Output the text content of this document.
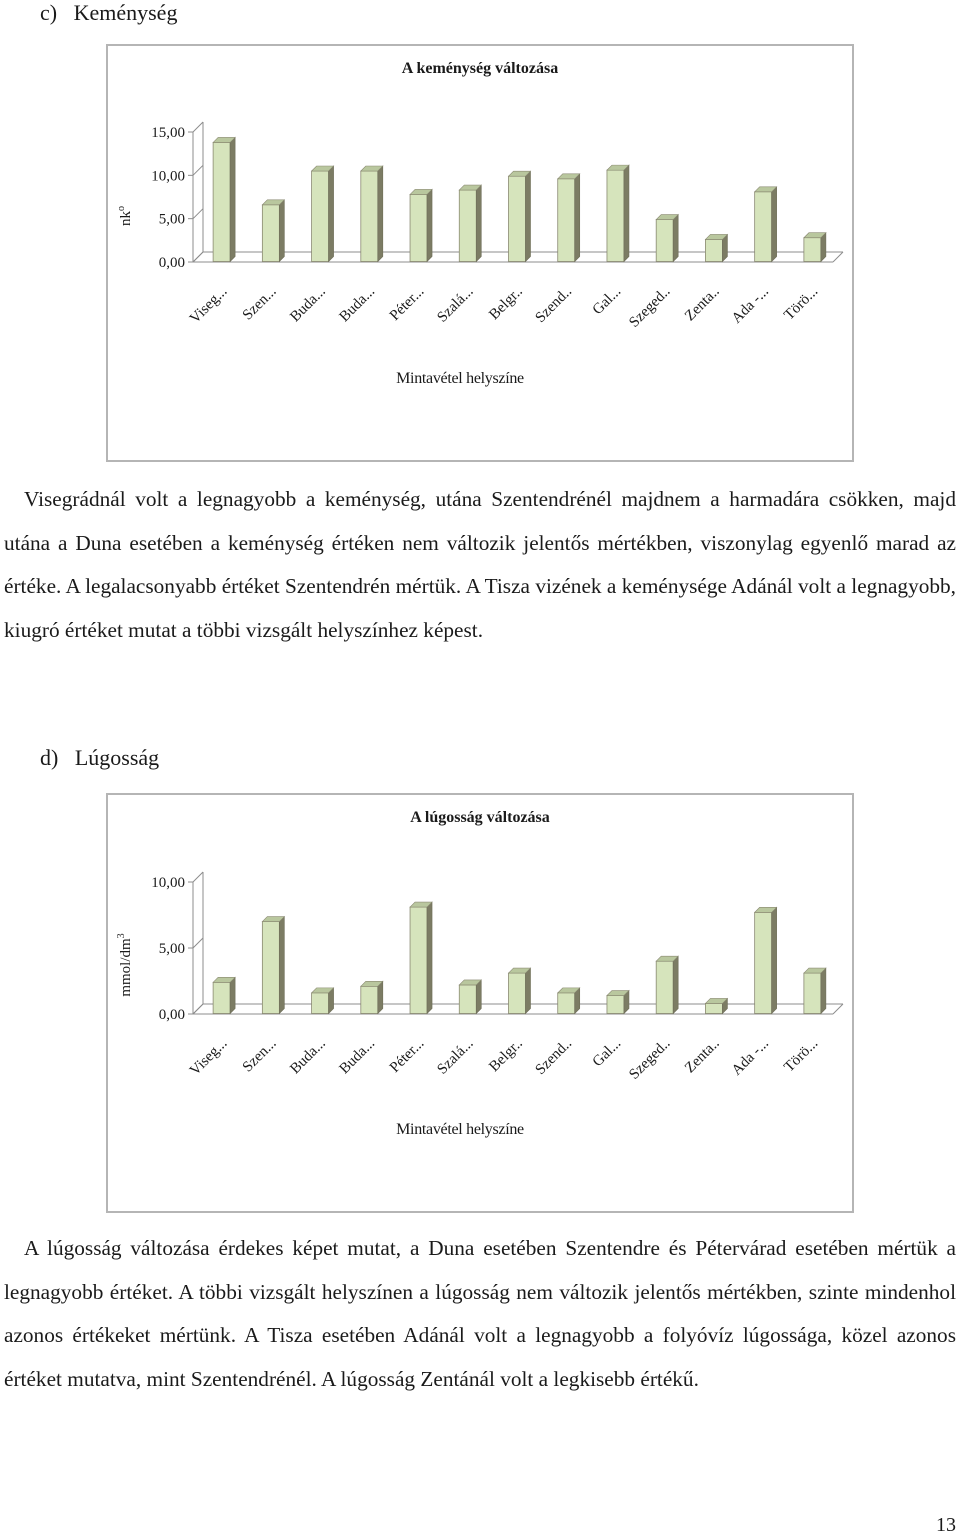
c)   Keménység
A keménység változása
0,00
5,00
10,00
15,00
$nk^o$
Viseg... Szen... Buda... Buda... Péter... Szalá... Belgr.. Szend.. Gal... Szeged.. Zenta.. Ada -... Törö...
Mintavétel helyszíne

Visegrádnál volt a legnagyobb a keménység, utána Szentendrénél majdnem a harmadára csökken, majd utána a Duna esetében a keménység értéken nem változik jelentős mértékben, viszonylag egyenlő marad az értéke. A legalacsonyabb értéket Szentendrén mértük. A Tisza vizének a keménysége Adánál volt a legnagyobb, kiugró értéket mutat a többi vizsgált helyszínhez képest.

d)   Lúgosság
A lúgosság változása
0,00
5,00
10,00
mmol/$dm^3$
Viseg... Szen... Buda... Buda... Péter... Szalá... Belgr.. Szend.. Gal... Szeged.. Zenta.. Ada -... Törö...
Mintavétel helyszíne

A lúgosság változása érdekes képet mutat, a Duna esetében Szentendre és Pétervárad esetében mértük a legnagyobb értéket. A többi vizsgált helyszínen a lúgosság nem változik jelentős mértékben, szinte mindenhol azonos értékeket mértünk. A Tisza esetében Adánál volt a legnagyobb a folyóvíz lúgossága, közel azonos értéket mutatva, mint Szentendrénél. A lúgosság Zentánál volt a legkisebb értékű.

13
